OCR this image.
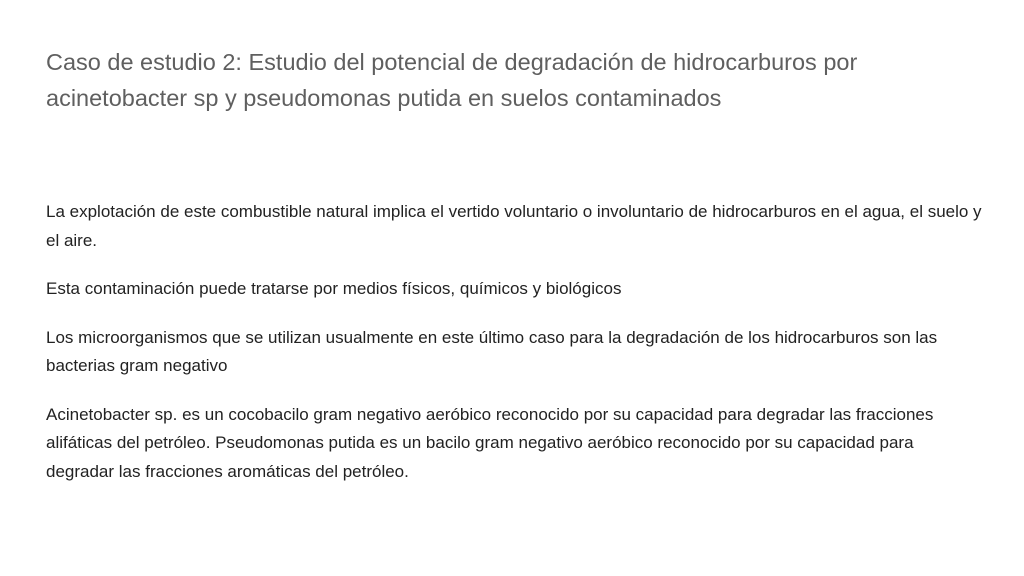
Caso de estudio 2: Estudio del potencial de degradación de hidrocarburos por acinetobacter sp y pseudomonas putida en suelos contaminados

La explotación de este combustible natural implica el vertido voluntario o involuntario de hidrocarburos en el agua, el suelo y el aire.

Esta contaminación puede tratarse por medios físicos, químicos y biológicos

Los microorganismos que se utilizan usualmente en este último caso para la degradación de los hidrocarburos son las bacterias gram negativo

Acinetobacter sp. es un cocobacilo gram negativo aeróbico reconocido por su capacidad para degradar las fracciones alifáticas del petróleo. Pseudomonas putida es un bacilo gram negativo aeróbico reconocido por su capacidad para degradar las fracciones aromáticas del petróleo.
